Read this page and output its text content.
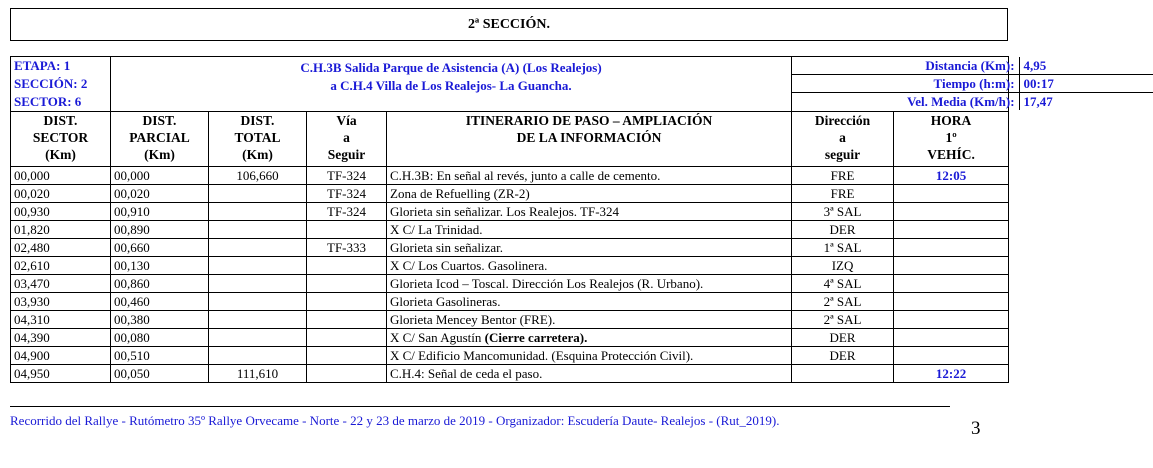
2ª SECCIÓN.
ETAPA: 1
SECCIÓN: 2
SECTOR: 6

C.H.3B Salida Parque de Asistencia (A) (Los Realejos)
a C.H.4 Villa de Los Realejos- La Guancha.

Distancia (Km):	4,95
Tiempo (h:m):	00:17
Vel. Media (Km/h):	17,47

DIST.
SECTOR
(Km)

DIST.
PARCIAL
(Km)

DIST.
TOTAL
(Km)

Vía
a
Seguir

ITINERARIO DE PASO – AMPLIACIÓN
DE LA INFORMACIÓN

Dirección
a
seguir

HORA
1º
VEHÍC.

00,000	00,000	106,660	TF-324	C.H.3B: En señal al revés, junto a calle de cemento.	FRE	12:05
00,020	00,020		TF-324	Zona de Refuelling (ZR-2)	FRE	
00,930	00,910		TF-324	Glorieta sin señalizar. Los Realejos. TF-324	3ª SAL	
01,820	00,890			X C/ La Trinidad.	DER	
02,480	00,660		TF-333	Glorieta sin señalizar.	1ª SAL	
02,610	00,130			X C/ Los Cuartos. Gasolinera.	IZQ	
03,470	00,860			Glorieta Icod – Toscal. Dirección Los Realejos (R. Urbano).	4ª SAL	
03,930	00,460			Glorieta Gasolineras.	2ª SAL	
04,310	00,380			Glorieta Mencey Bentor (FRE).	2ª SAL	
04,390	00,080			X C/ San Agustín (Cierre carretera).	DER	
04,900	00,510			X C/ Edificio Mancomunidad. (Esquina Protección Civil).	DER	
04,950	00,050	111,610		C.H.4: Señal de ceda el paso.		12:22
Recorrido del Rallye - Rutómetro 35º Rallye Orvecame - Norte - 22 y 23 de marzo de 2019 - Organizador: Escudería Daute- Realejos - (Rut_2019).	3
